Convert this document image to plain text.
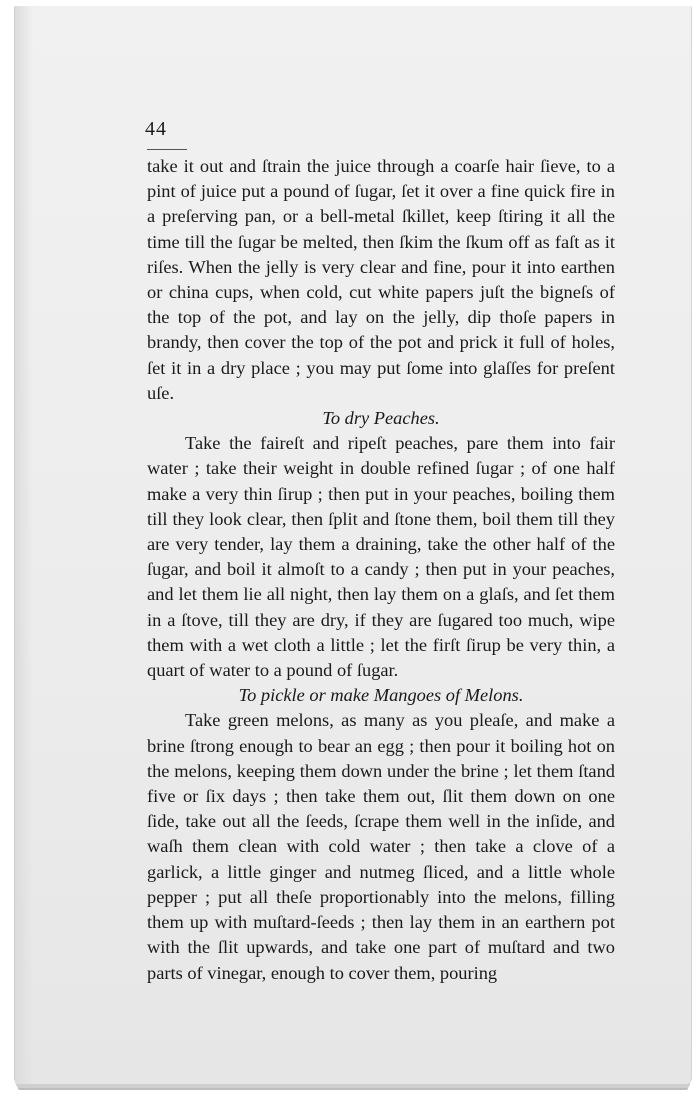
44

take it out and ſtrain the juice through a coarſe hair ſieve, to a pint of juice put a pound of ſugar, ſet it over a fine quick fire in a preſerving pan, or a bell-metal ſkillet, keep ſtiring it all the time till the ſugar be melted, then ſkim the ſkum off as faſt as it riſes. When the jelly is very clear and fine, pour it into earthen or china cups, when cold, cut white papers juſt the bigneſs of the top of the pot, and lay on the jelly, dip thoſe papers in brandy, then cover the top of the pot and prick it full of holes, ſet it in a dry place ; you may put ſome into glaſſes for preſent uſe.

To dry Peaches.

Take the faireſt and ripeſt peaches, pare them into fair water ; take their weight in double refined ſugar ; of one half make a very thin ſirup ; then put in your peaches, boiling them till they look clear, then ſplit and ſtone them, boil them till they are very tender, lay them a draining, take the other half of the ſugar, and boil it almoſt to a candy ; then put in your peaches, and let them lie all night, then lay them on a glaſs, and ſet them in a ſtove, till they are dry, if they are ſugared too much, wipe them with a wet cloth a little ; let the firſt ſirup be very thin, a quart of water to a pound of ſugar.

To pickle or make Mangoes of Melons.

Take green melons, as many as you pleaſe, and make a brine ſtrong enough to bear an egg ; then pour it boiling hot on the melons, keeping them down under the brine ; let them ſtand five or ſix days ; then take them out, ſlit them down on one ſide, take out all the ſeeds, ſcrape them well in the inſide, and waſh them clean with cold water ; then take a clove of a garlick, a little ginger and nutmeg ſliced, and a little whole pepper ; put all theſe proportionably into the melons, filling them up with muſtard-ſeeds ; then lay them in an earthern pot with the ſlit upwards, and take one part of muſtard and two parts of vinegar, enough to cover them, pouring
